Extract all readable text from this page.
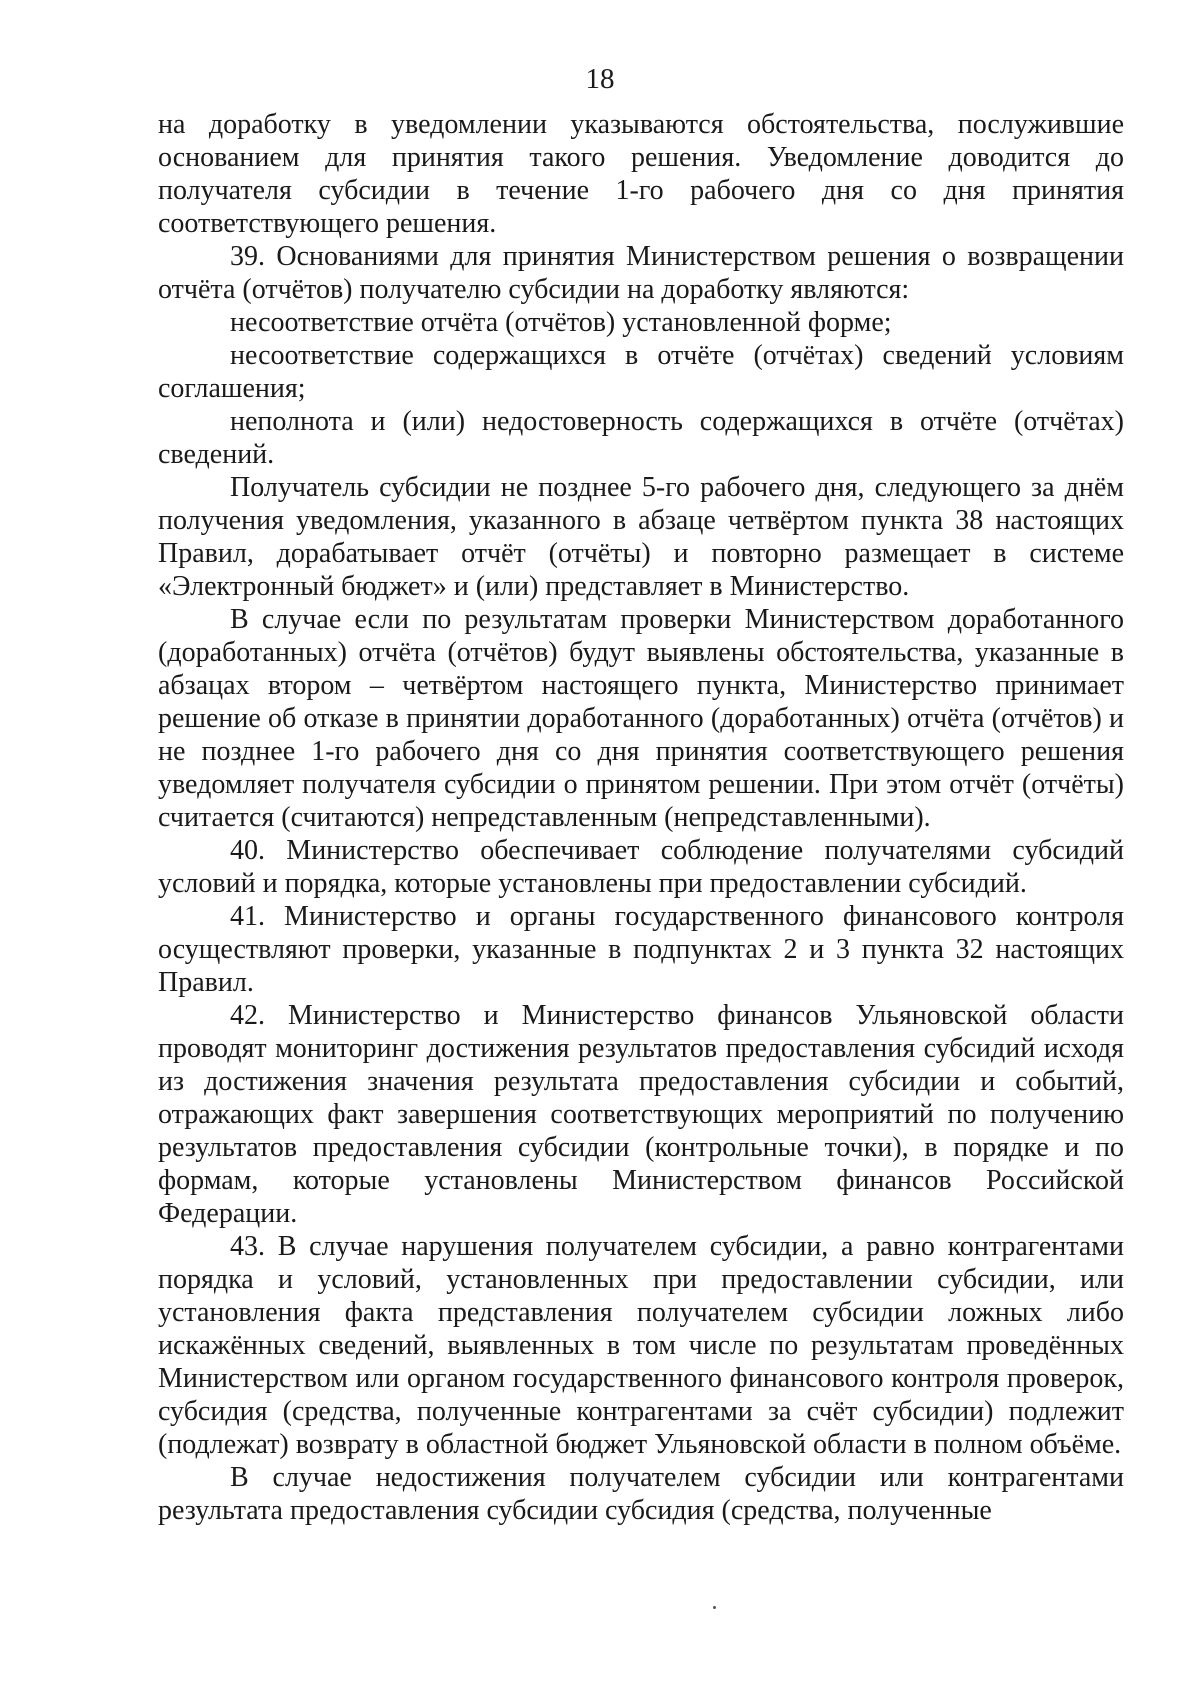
18

на доработку в уведомлении указываются обстоятельства, послужившие основанием для принятия такого решения. Уведомление доводится до получателя субсидии в течение 1-го рабочего дня со дня принятия соответствующего решения.

39. Основаниями для принятия Министерством решения о возвращении отчёта (отчётов) получателю субсидии на доработку являются:

несоответствие отчёта (отчётов) установленной форме;

несоответствие содержащихся в отчёте (отчётах) сведений условиям соглашения;

неполнота и (или) недостоверность содержащихся в отчёте (отчётах) сведений.

Получатель субсидии не позднее 5-го рабочего дня, следующего за днём получения уведомления, указанного в абзаце четвёртом пункта 38 настоящих Правил, дорабатывает отчёт (отчёты) и повторно размещает в системе «Электронный бюджет» и (или) представляет в Министерство.

В случае если по результатам проверки Министерством доработанного (доработанных) отчёта (отчётов) будут выявлены обстоятельства, указанные в абзацах втором – четвёртом настоящего пункта, Министерство принимает решение об отказе в принятии доработанного (доработанных) отчёта (отчётов) и не позднее 1-го рабочего дня со дня принятия соответствующего решения уведомляет получателя субсидии о принятом решении. При этом отчёт (отчёты) считается (считаются) непредставленным (непредставленными).

40. Министерство обеспечивает соблюдение получателями субсидий условий и порядка, которые установлены при предоставлении субсидий.

41. Министерство и органы государственного финансового контроля осуществляют проверки, указанные в подпунктах 2 и 3 пункта 32 настоящих Правил.

42. Министерство и Министерство финансов Ульяновской области проводят мониторинг достижения результатов предоставления субсидий исходя из достижения значения результата предоставления субсидии и событий, отражающих факт завершения соответствующих мероприятий по получению результатов предоставления субсидии (контрольные точки), в порядке и по формам, которые установлены Министерством финансов Российской Федерации.

43. В случае нарушения получателем субсидии, а равно контрагентами порядка и условий, установленных при предоставлении субсидии, или установления факта представления получателем субсидии ложных либо искажённых сведений, выявленных в том числе по результатам проведённых Министерством или органом государственного финансового контроля проверок, субсидия (средства, полученные контрагентами за счёт субсидии) подлежит (подлежат) возврату в областной бюджет Ульяновской области в полном объёме.

В случае недостижения получателем субсидии или контрагентами результата предоставления субсидии субсидия (средства, полученные
